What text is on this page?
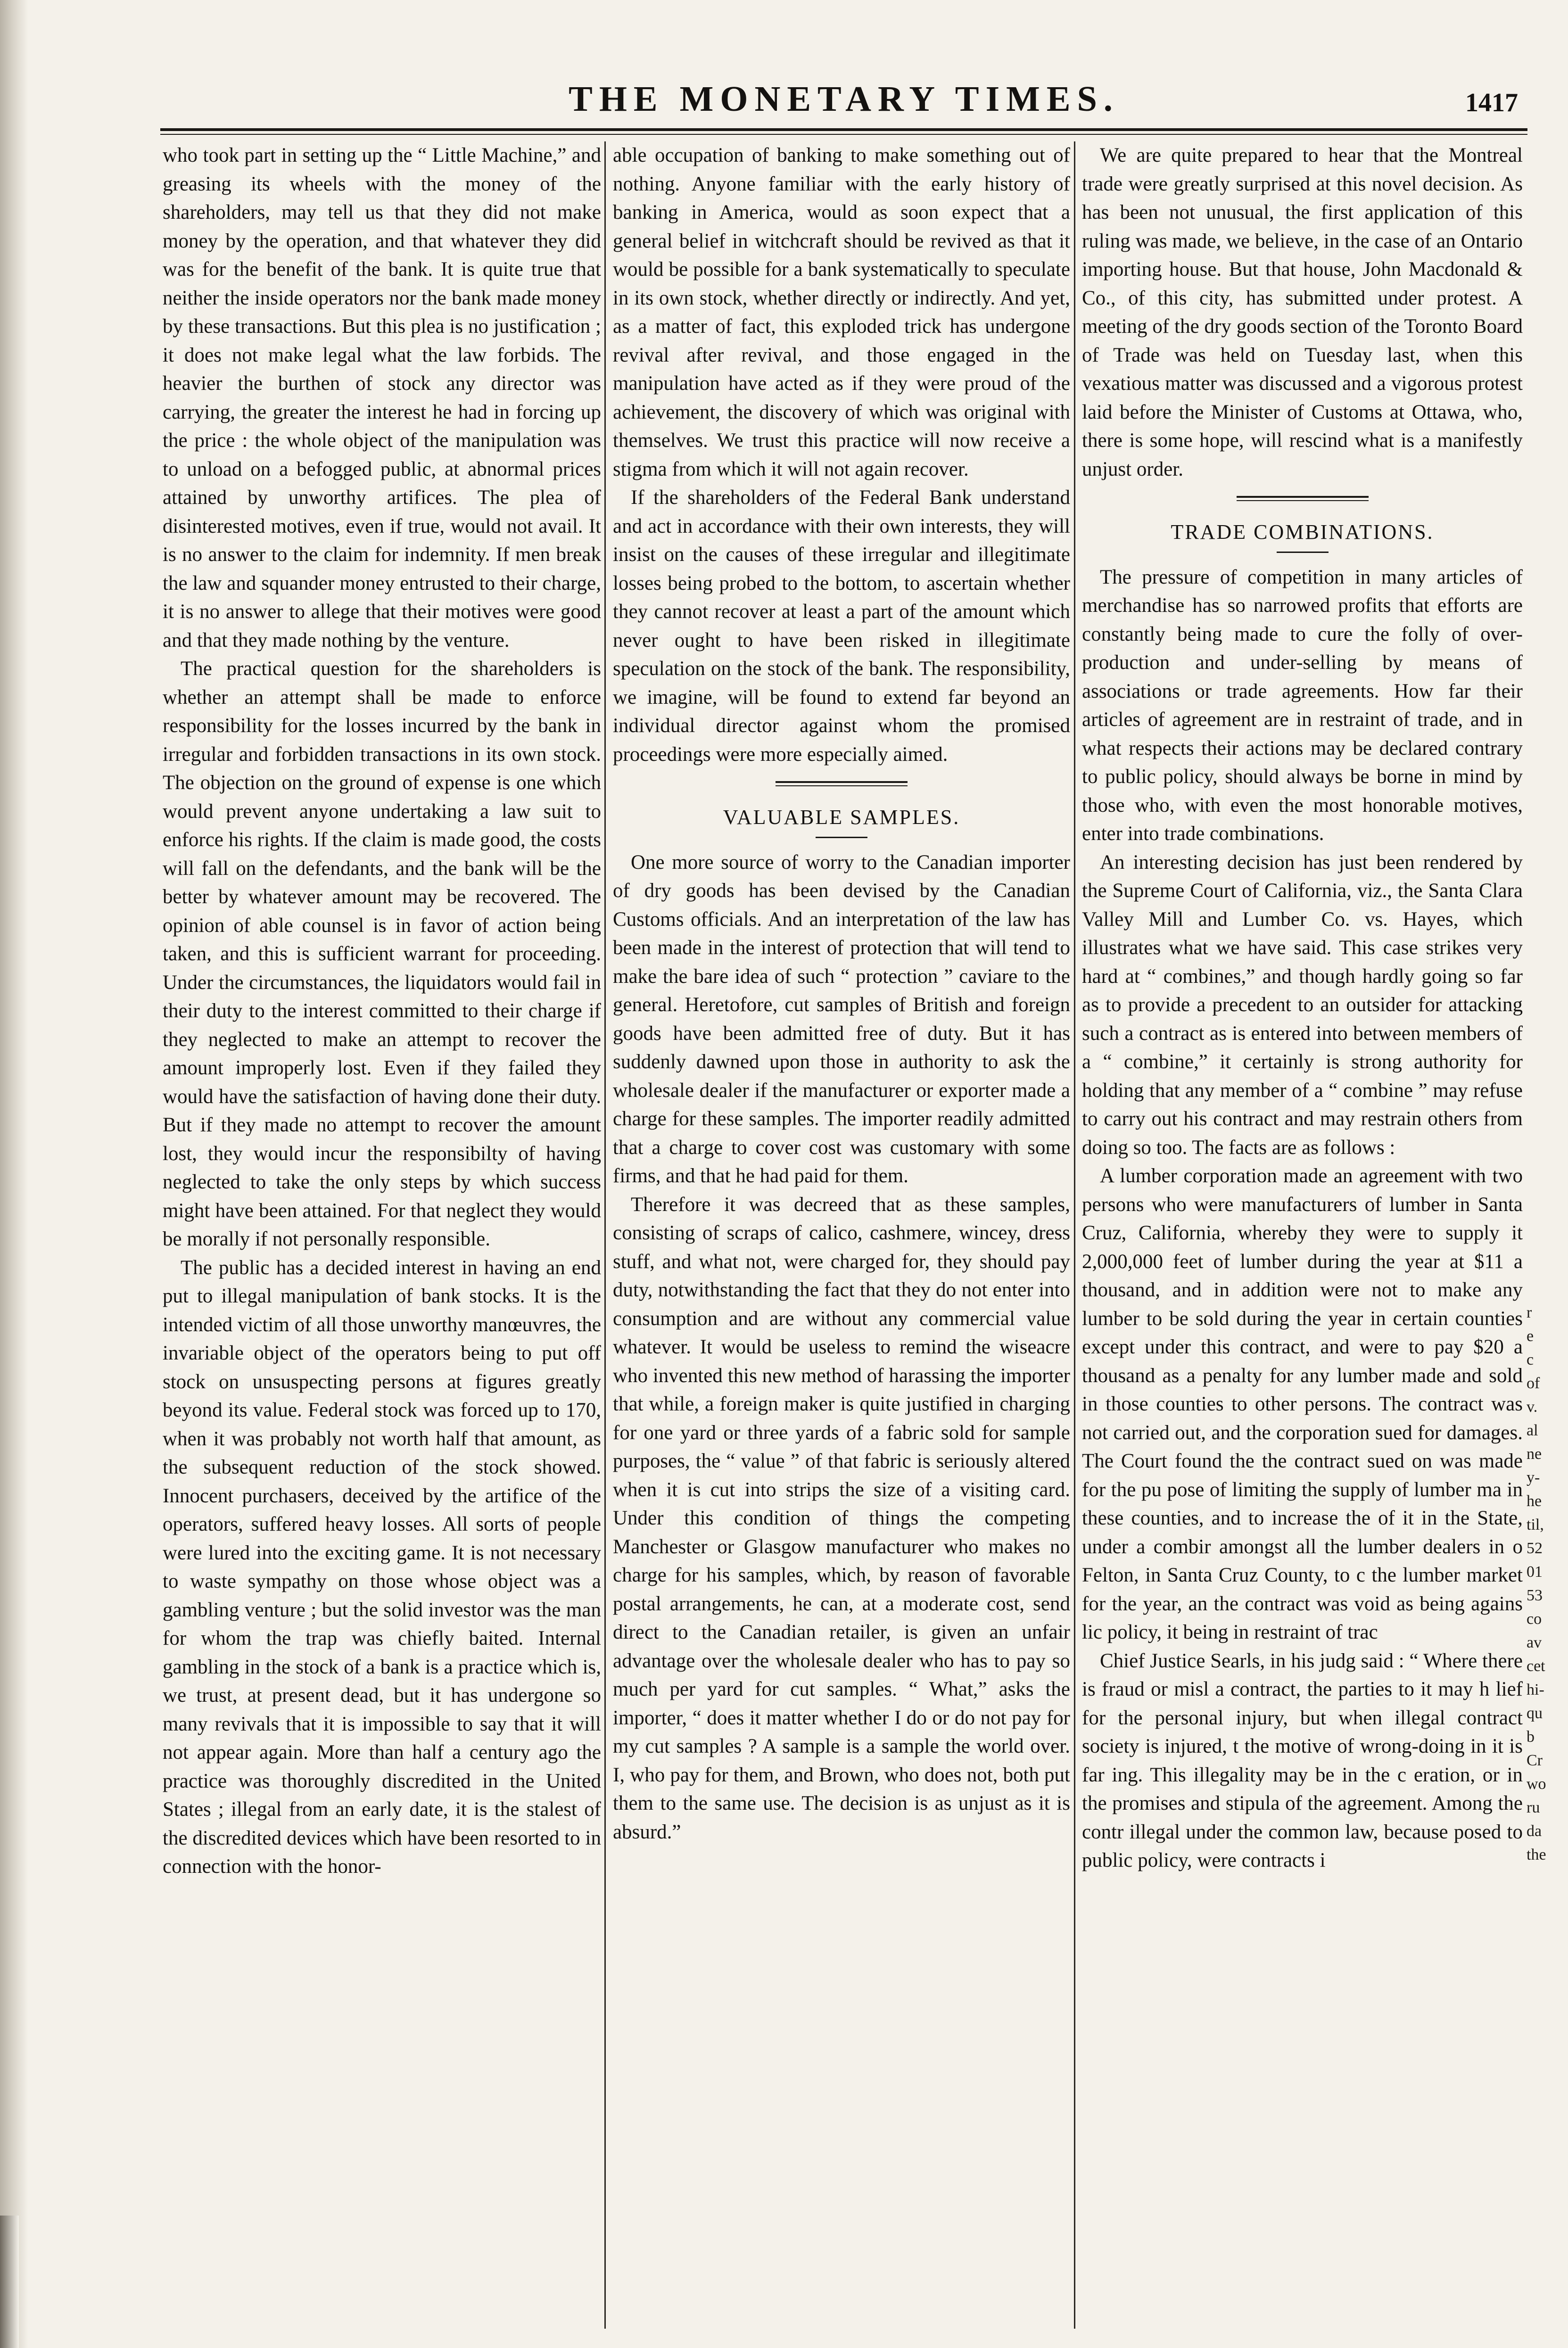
THE MONETARY TIMES.	1417

who took part in setting up the “ Little Machine,” and greasing its wheels with the money of the shareholders, may tell us that they did not make money by the operation, and that whatever they did was for the benefit of the bank. It is quite true that neither the inside operators nor the bank made money by these transactions. But this plea is no justification ; it does not make legal what the law forbids. The heavier the burthen of stock any director was carrying, the greater the interest he had in forcing up the price : the whole object of the manipulation was to unload on a befogged public, at abnormal prices attained by unworthy artifices. The plea of disinterested motives, even if true, would not avail. It is no answer to the claim for indemnity. If men break the law and squander money entrusted to their charge, it is no answer to allege that their motives were good and that they made nothing by the venture.

The practical question for the shareholders is whether an attempt shall be made to enforce responsibility for the losses incurred by the bank in irregular and forbidden transactions in its own stock. The objection on the ground of expense is one which would prevent anyone undertaking a law suit to enforce his rights. If the claim is made good, the costs will fall on the defendants, and the bank will be the better by whatever amount may be recovered. The opinion of able counsel is in favor of action being taken, and this is sufficient warrant for proceeding. Under the circumstances, the liquidators would fail in their duty to the interest committed to their charge if they neglected to make an attempt to recover the amount improperly lost. Even if they failed they would have the satisfaction of having done their duty. But if they made no attempt to recover the amount lost, they would incur the responsibilty of having neglected to take the only steps by which success might have been attained. For that neglect they would be morally if not personally responsible.

The public has a decided interest in having an end put to illegal manipulation of bank stocks. It is the intended victim of all those unworthy manœuvres, the invariable object of the operators being to put off stock on unsuspecting persons at figures greatly beyond its value. Federal stock was forced up to 170, when it was probably not worth half that amount, as the subsequent reduction of the stock showed. Innocent purchasers, deceived by the artifice of the operators, suffered heavy losses. All sorts of people were lured into the exciting game. It is not necessary to waste sympathy on those whose object was a gambling venture ; but the solid investor was the man for whom the trap was chiefly baited. Internal gambling in the stock of a bank is a practice which is, we trust, at present dead, but it has undergone so many revivals that it is impossible to say that it will not appear again. More than half a century ago the practice was thoroughly discredited in the United States ; illegal from an early date, it is the stalest of the discredited devices which have been resorted to in connection with the honor-

able occupation of banking to make something out of nothing. Anyone familiar with the early history of banking in America, would as soon expect that a general belief in witchcraft should be revived as that it would be possible for a bank systematically to speculate in its own stock, whether directly or indirectly. And yet, as a matter of fact, this exploded trick has undergone revival after revival, and those engaged in the manipulation have acted as if they were proud of the achievement, the discovery of which was original with themselves. We trust this practice will now receive a stigma from which it will not again recover.

If the shareholders of the Federal Bank understand and act in accordance with their own interests, they will insist on the causes of these irregular and illegitimate losses being probed to the bottom, to ascertain whether they cannot recover at least a part of the amount which never ought to have been risked in illegitimate speculation on the stock of the bank. The responsibility, we imagine, will be found to extend far beyond an individual director against whom the promised proceedings were more especially aimed.

VALUABLE SAMPLES.

One more source of worry to the Canadian importer of dry goods has been devised by the Canadian Customs officials. And an interpretation of the law has been made in the interest of protection that will tend to make the bare idea of such “ protection ” caviare to the general. Heretofore, cut samples of British and foreign goods have been admitted free of duty. But it has suddenly dawned upon those in authority to ask the wholesale dealer if the manufacturer or exporter made a charge for these samples. The importer readily admitted that a charge to cover cost was customary with some firms, and that he had paid for them.

Therefore it was decreed that as these samples, consisting of scraps of calico, cashmere, wincey, dress stuff, and what not, were charged for, they should pay duty, notwithstanding the fact that they do not enter into consumption and are without any commercial value whatever. It would be useless to remind the wiseacre who invented this new method of harassing the importer that while, a foreign maker is quite justified in charging for one yard or three yards of a fabric sold for sample purposes, the “ value ” of that fabric is seriously altered when it is cut into strips the size of a visiting card. Under this condition of things the competing Manchester or Glasgow manufacturer who makes no charge for his samples, which, by reason of favorable postal arrangements, he can, at a moderate cost, send direct to the Canadian retailer, is given an unfair advantage over the wholesale dealer who has to pay so much per yard for cut samples. “ What,” asks the importer, “ does it matter whether I do or do not pay for my cut samples ? A sample is a sample the world over. I, who pay for them, and Brown, who does not, both put them to the same use. The decision is as unjust as it is absurd.”

We are quite prepared to hear that the Montreal trade were greatly surprised at this novel decision. As has been not unusual, the first application of this ruling was made, we believe, in the case of an Ontario importing house. But that house, John Macdonald & Co., of this city, has submitted under protest. A meeting of the dry goods section of the Toronto Board of Trade was held on Tuesday last, when this vexatious matter was discussed and a vigorous protest laid before the Minister of Customs at Ottawa, who, there is some hope, will rescind what is a manifestly unjust order.

TRADE COMBINATIONS.

The pressure of competition in many articles of merchandise has so narrowed profits that efforts are constantly being made to cure the folly of over-production and under-selling by means of associations or trade agreements. How far their articles of agreement are in restraint of trade, and in what respects their actions may be declared contrary to public policy, should always be borne in mind by those who, with even the most honorable motives, enter into trade combinations.

An interesting decision has just been rendered by the Supreme Court of California, viz., the Santa Clara Valley Mill and Lumber Co. vs. Hayes, which illustrates what we have said. This case strikes very hard at “ combines,” and though hardly going so far as to provide a precedent to an outsider for attacking such a contract as is entered into between members of a “ combine,” it certainly is strong authority for holding that any member of a “ combine ” may refuse to carry out his contract and may restrain others from doing so too. The facts are as follows :

A lumber corporation made an agreement with two persons who were manufacturers of lumber in Santa Cruz, California, whereby they were to supply it 2,000,000 feet of lumber during the year at $11 a thousand, and in addition were not to make any lumber to be sold during the year in certain counties except under this contract, and were to pay $20 a thousand as a penalty for any lumber made and sold in those counties to other persons. The contract was not carried out, and the corporation sued for damages. The Court found the the contract sued on was made for the pu pose of limiting the supply of lumber ma in these counties, and to increase the of it in the State, under a combir amongst all the lumber dealers in o Felton, in Santa Cruz County, to c the lumber market for the year, an the contract was void as being agains lic policy, it being in restraint of trac

Chief Justice Searls, in his judg said : “ Where there is fraud or misl a contract, the parties to it may h lief for the personal injury, but when illegal contract society is injured, t the motive of wrong-doing in it is far ing. This illegality may be in the c eration, or in the promises and stipula of the agreement. Among the contr illegal under the common law, because posed to public policy, were contracts i

r
e
c
of
v.
al
ne
y-
he
til,
52
01
53
co
av
cet
hi-
qu
b
Cr
wo
ru
da
the
